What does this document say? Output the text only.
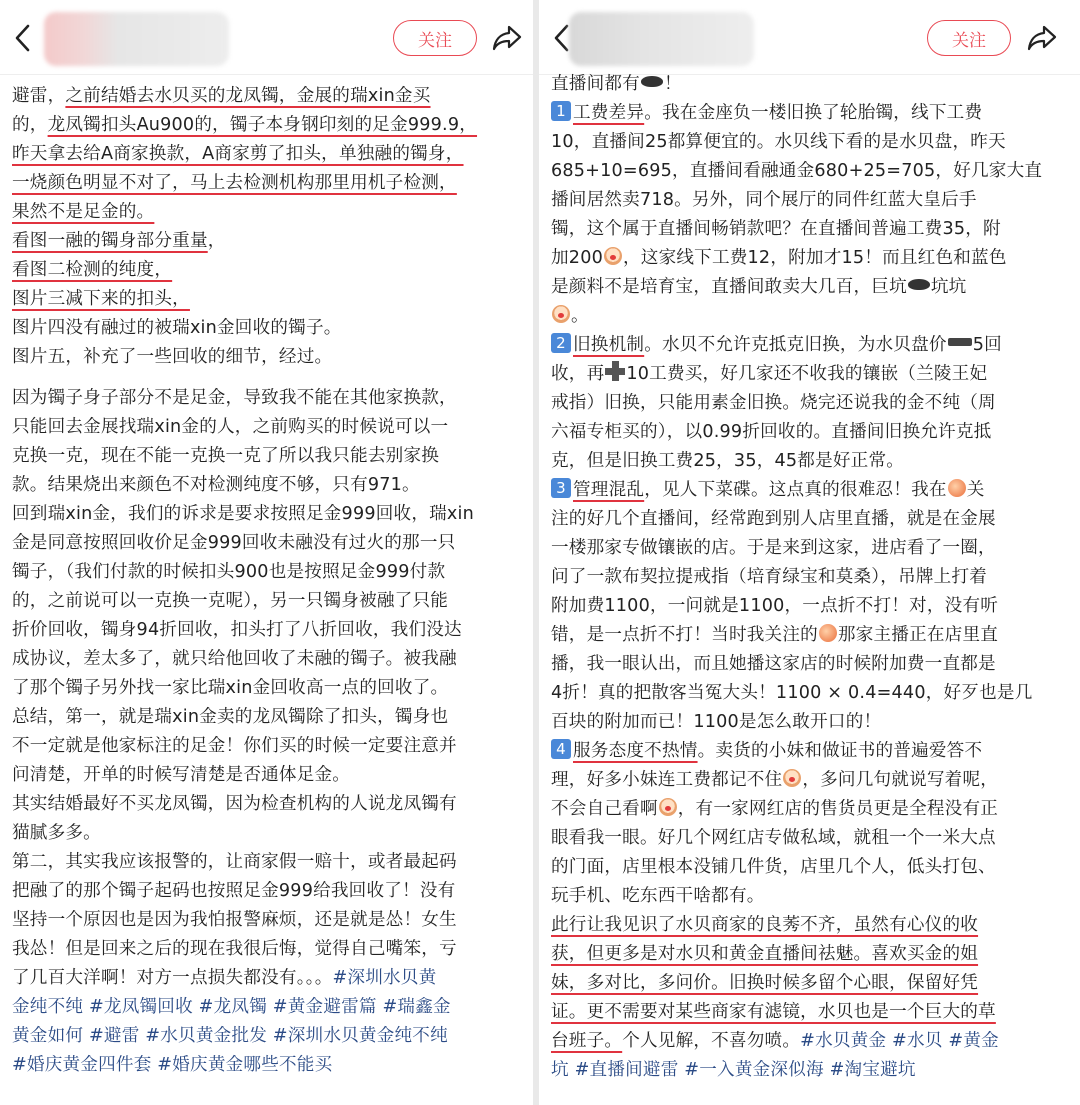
关注

避雷，之前结婚去水贝买的龙凤镯，金展的瑞xin金买

的，龙凤镯扣头Au900的，镯子本身钢印刻的足金999.9，

昨天拿去给A商家换款，A商家剪了扣头，单独融的镯身，

一烧颜色明显不对了，马上去检测机构那里用机子检测，

果然不是足金的。

看图一融的镯身部分重量，

看图二检测的纯度，

图片三减下来的扣头，

图片四没有融过的被瑞xin金回收的镯子。

图片五，补充了一些回收的细节，经过。

因为镯子身子部分不是足金，导致我不能在其他家换款，

只能回去金展找瑞xin金的人，之前购买的时候说可以一

克换一克，现在不能一克换一克了所以我只能去别家换

款。结果烧出来颜色不对检测纯度不够，只有971。

回到瑞xin金，我们的诉求是要求按照足金999回收，瑞xin

金是同意按照回收价足金999回收未融没有过火的那一只

镯子，（我们付款的时候扣头900也是按照足金999付款

的，之前说可以一克换一克呢），另一只镯身被融了只能

折价回收，镯身94折回收，扣头打了八折回收，我们没达

成协议，差太多了，就只给他回收了未融的镯子。被我融

了那个镯子另外找一家比瑞xin金回收高一点的回收了。

总结，第一，就是瑞xin金卖的龙凤镯除了扣头，镯身也

不一定就是他家标注的足金！你们买的时候一定要注意并

问清楚，开单的时候写清楚是否通体足金。

其实结婚最好不买龙凤镯，因为检查机构的人说龙凤镯有

猫腻多多。

第二，其实我应该报警的，让商家假一赔十，或者最起码

把融了的那个镯子起码也按照足金999给我回收了！没有

坚持一个原因也是因为我怕报警麻烦，还是就是怂！女生

我怂！但是回来之后的现在我很后悔，觉得自己嘴笨，亏

了几百大洋啊！对方一点损失都没有。。。#深圳水贝黄

金纯不纯 #龙凤镯回收 #龙凤镯 #黄金避雷篇 #瑞鑫金

黄金如何 #避雷 #水贝黄金批发 #深圳水贝黄金纯不纯

#婚庆黄金四件套 #婚庆黄金哪些不能买

关注

直播间都有 ！

1 工费差异。我在金座负一楼旧换了轮胎镯，线下工费

10，直播间25都算便宜的。水贝线下看的是水贝盘，昨天

685+10=695，直播间看融通金680+25=705，好几家大直

播间居然卖718。另外，同个展厅的同件红蓝大皇后手

镯，这个属于直播间畅销款吧？在直播间普遍工费35，附

加200 ，这家线下工费12，附加才15！而且红色和蓝色

是颜料不是培育宝，直播间敢卖大几百，巨坑 坑坑

。

2 旧换机制。水贝不允许克抵克旧换，为水贝盘价 5回

收，再 10工费买，好几家还不收我的镶嵌（兰陵王妃

戒指）旧换，只能用素金旧换。烧完还说我的金不纯（周

六福专柜买的），以0.99折回收的。直播间旧换允许克抵

克，但是旧换工费25，35，45都是好正常。

3 管理混乱，见人下菜碟。这点真的很难忍！我在 关

注的好几个直播间，经常跑到别人店里直播，就是在金展

一楼那家专做镶嵌的店。于是来到这家，进店看了一圈，

问了一款布契拉提戒指（培育绿宝和莫桑），吊牌上打着

附加费1100，一问就是1100，一点折不打！对，没有听

错，是一点折不打！当时我关注的 那家主播正在店里直

播，我一眼认出，而且她播这家店的时候附加费一直都是

4折！真的把散客当冤大头！1100 × 0.4=440，好歹也是几

百块的附加而已！1100是怎么敢开口的！

4 服务态度不热情。卖货的小妹和做证书的普遍爱答不

理，好多小妹连工费都记不住 ，多问几句就说写着呢，

不会自己看啊 ，有一家网红店的售货员更是全程没有正

眼看我一眼。好几个网红店专做私域，就租一个一米大点

的门面，店里根本没铺几件货，店里几个人，低头打包、

玩手机、吃东西干啥都有。

此行让我见识了水贝商家的良莠不齐，虽然有心仪的收

获，但更多是对水贝和黄金直播间祛魅。喜欢买金的姐

妹，多对比，多问价。旧换时候多留个心眼，保留好凭

证。更不需要对某些商家有滤镜，水贝也是一个巨大的草

台班子。个人见解，不喜勿喷。#水贝黄金 #水贝 #黄金

坑 #直播间避雷 #一入黄金深似海 #淘宝避坑
